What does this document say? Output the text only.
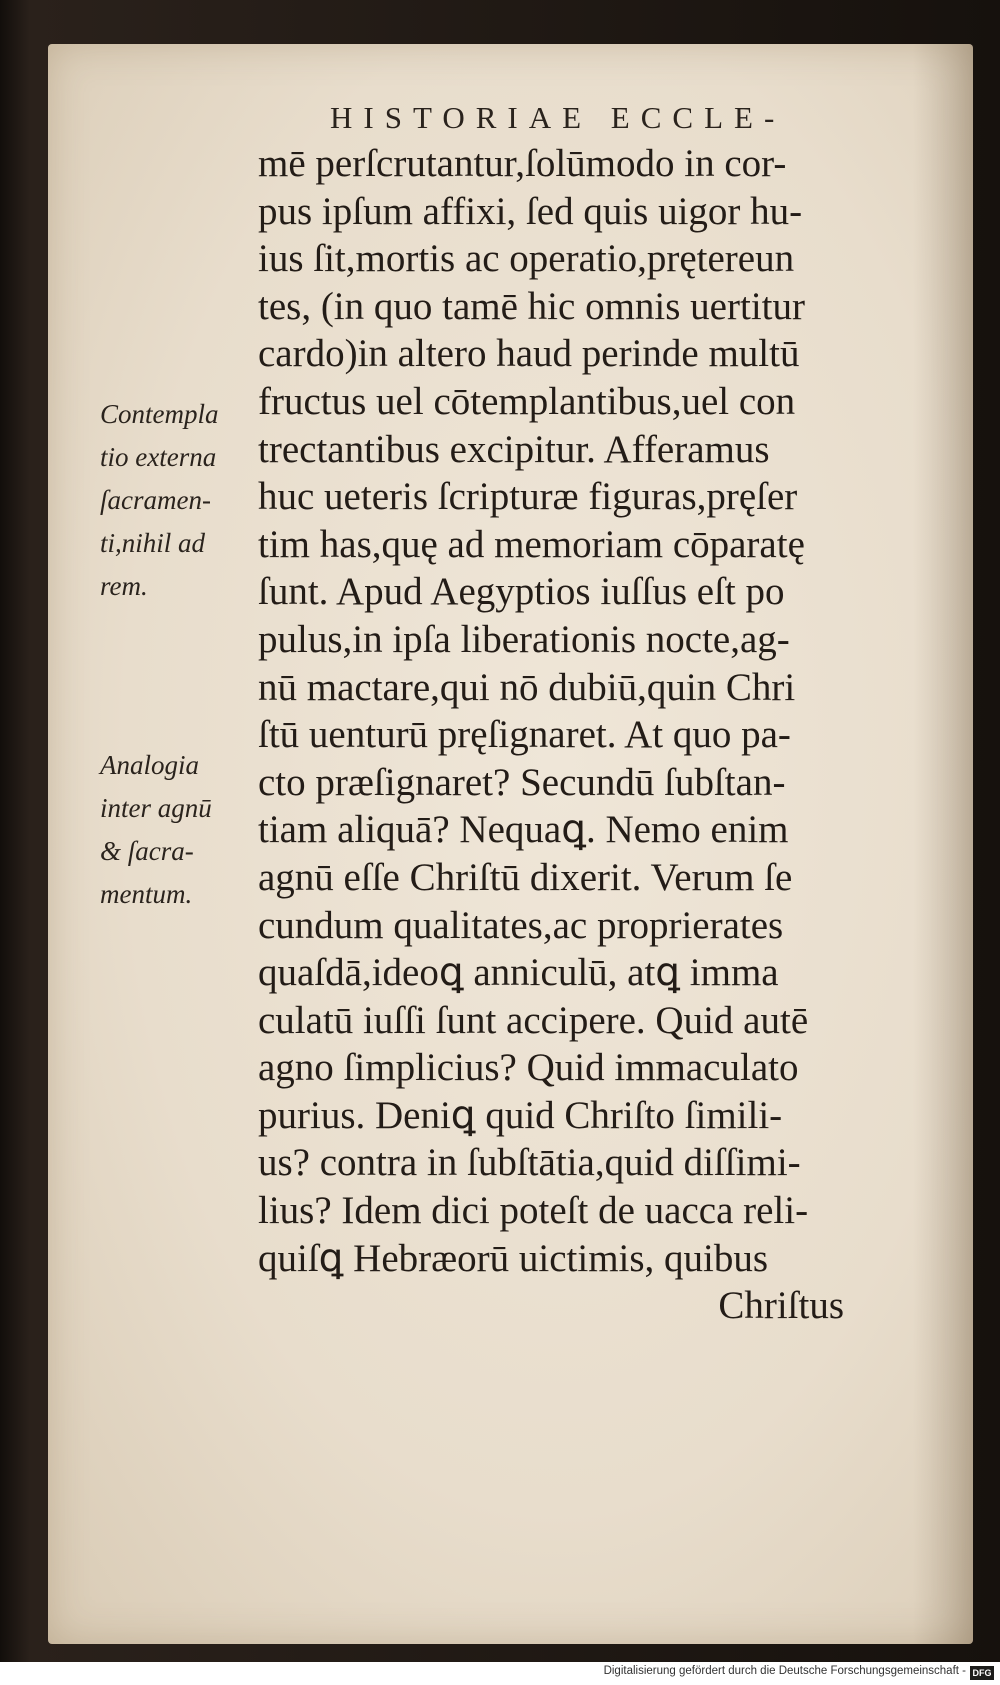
HISTORIAE ECCLE-
mē perſcrutantur,ſolūmodo in cor-
pus ipſum affixi, ſed quis uigor hu-
ius ſit,mortis ac operatio,prętereun
tes, (in quo tamē hic omnis uertitur
cardo)in altero haud perinde multū
fructus uel cōtemplantibus,uel con
trectantibus excipitur. Afferamus
huc ueteris ſcripturæ figuras,pręſer
tim has,quę ad memoriam cōparatę
ſunt. Apud Aegyptios iuſſus eſt po
pulus,in ipſa liberationis nocte,ag-
nū mactare,qui nō dubiū,quin Chri
ſtū uenturū pręſignaret. At quo pa-
cto præſignaret? Secundū ſubſtan-
tiam aliquā? Nequaꝗ. Nemo enim
agnū eſſe Chriſtū dixerit. Verum ſe
cundum qualitates,ac proprierates
quaſdā,ideoꝗ anniculū, atꝗ imma
culatū iuſſi ſunt accipere. Quid autē
agno ſimplicius? Quid immaculato
purius. Deniꝗ quid Chriſto ſimili-
us? contra in ſubſtātia,quid diſſimi-
lius? Idem dici poteſt de uacca reli-
quiſꝗ Hebræorū uictimis, quibus
Chriſtus
Contempla
tio externa
ſacramen-
ti,nihil ad
rem.
Analogia
inter agnū
& ſacra-
mentum.
Digitalisierung gefördert durch die Deutsche Forschungsgemeinschaft - DFG
